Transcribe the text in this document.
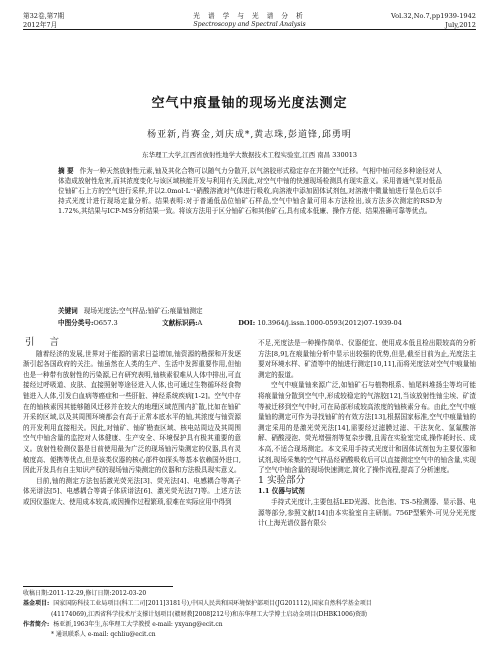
第32卷,第7期
2012年7月
光 谱 学 与 光 谱 分 析
Spectroscopy and Spectral Analysis
Vol.32,No.7,pp1939-1942
July,2012
空气中痕量铀的现场光度法测定
杨亚新,肖赛金,刘庆成*,黄志珠,彭道锋,邱勇明
东华理工大学,江西省放射性地学大数据技术工程实验室,江西 南昌 330013
摘 要 作为一种天然放射性元素,铀及其化合物可以随气力分散开,以气溶胶形式稳定存在并随空气迁移。气相中铀可经多种途径对人体造成放射性危害,而其浓度变化与该区域核能开发与利用有关,因此,对空气中铀的快速现场检测具有现实意义。采用普通气泵对低品位铀矿石上方的空气进行采样,并以2.0mol·L⁻¹硝酸溶液对气体进行吸收,向溶液中添加固体试剂包,对溶液中微量铀进行显色后以手持式光度计进行现场定量分析。结果表明:对于普通低品位铀矿石样品,空气中铀含量可用本方法检出,该方法多次测定的RSD为1.72%,其结果与ICP-MS分析结果一致。将该方法用于区分铀矿石和其他矿石,具有成本低廉、操作方便、结果准确可靠等优点。
关键词 现场光度法;空气样品;铀矿石;痕量铀测定
中图分类号:O657.3	文献标识码:A	DOI: 10.3964/j.issn.1000-0593(2012)07-1939-04

引 言

随着经济的发展,世界对于能源的需求日益增加,铀资源的勘探和开发逐渐引起各国政府的关注。铀虽然在人类的生产、生活中发挥重要作用,但铀也是一种带有放射性的污染源,已有研究表明,铀核素很难从人体中排出,可直接经过呼吸道、皮肤、直接照射等途径进入人体,也可通过生物循环经食物链进入人体,引发白血病等癌症和一些肝脏、神经系统疾病[1-2]。空气中存在的铀核素因其能够随风迁移并在较大的地理区域范围内扩散,比如在铀矿开采的区域,以及其周围环境都会有高于正常本底水平的铀,其浓度与铀资源的开发利用直接相关。因此,对铀矿、铀矿勘查区域、核电站周边及其周围空气中铀含量的监控对人体健康、生产安全、环境保护具有极其重要的意义。放射性检测仪器是目前使用最为广泛的现场铀污染测定的仪器,具有灵敏度高、便携等优点,但是该类仪器的核心部件如探头等基本依赖国外进口,因此开发具有自主知识产权的现场铀污染测定的仪器和方法极具现实意义。

目前,铀的测定方法包括激光荧光法[3]、荧光法[4]、电感耦合等离子体光谱法[5]、电感耦合等离子体质谱法[6]、激光荧光法[7]等。上述方法或因仪器庞大、使用成本较高,或因操作过程繁琐,很难在实际应用中得到

不足,光度法是一种操作简单、仪器便宜、使用成本低且检出限较高的分析方法[8,9],在痕量铀分析中显示出较强的优势,但是,截至目前为止,光度法主要对环境水样、矿渣等中的铀进行测定[10,11],而将光度法对空气中痕量铀测定的报道。

空气中痕量铀来源广泛,如铀矿石与植物根系、铀尾料堆扬尘等均可能将痕量铀分散到空气中,形成较稳定的气溶胶[12],当该放射性铀尘埃、矿渣等被迁移到空气中时,可在局部形成较高浓度的铀核素分布。由此,空气中痕量铀的测定可作为寻找铀矿的有效方法[13],根据国家标准,空气中痕量铀的测定采用的是激光荧光法[14],需要经过滤膜过滤、干法灰化、氢氟酸溶解、硝酸浸泡、荧光增强剂等复杂步骤,且需在实验室完成,操作耗时长、成本高,不适合现场测定。本文采用手持式光度计和固体试剂包为主要仪器和试剂,现场采集的空气样品经硝酸吸收后可以直接测定空气中的铀含量,实现了空气中铀含量的现场快速测定,简化了操作流程,提高了分析速度。

1 实验部分

1.1 仪器与试剂

手持式光度计,主要包括LED光源、比色池、TS-5检测器、显示器、电源等部分,参照文献[14]由本实验室自主研制。756P型紫外-可见分光光度计(上海光谱仪器有限公

收稿日期:2011-12-29,修订日期:2012-03-20
基金项目: 国家国防科技工业局项目(科工二司[2011]3181号),中国人民共和国环境保护部项目(JG201112),国家自然科学基金项目
(41174069),江西省科学技术厅支撑计划项目(赣财教[2008]212号)和东华理工大学博士启动金项目(DHBK1006)资助
作者简介: 杨亚新,1963年生,东华理工大学教授 e-mail: yxyang@ecit.cn
* 通讯联系人 e-mail: qchliu@ecit.cn
